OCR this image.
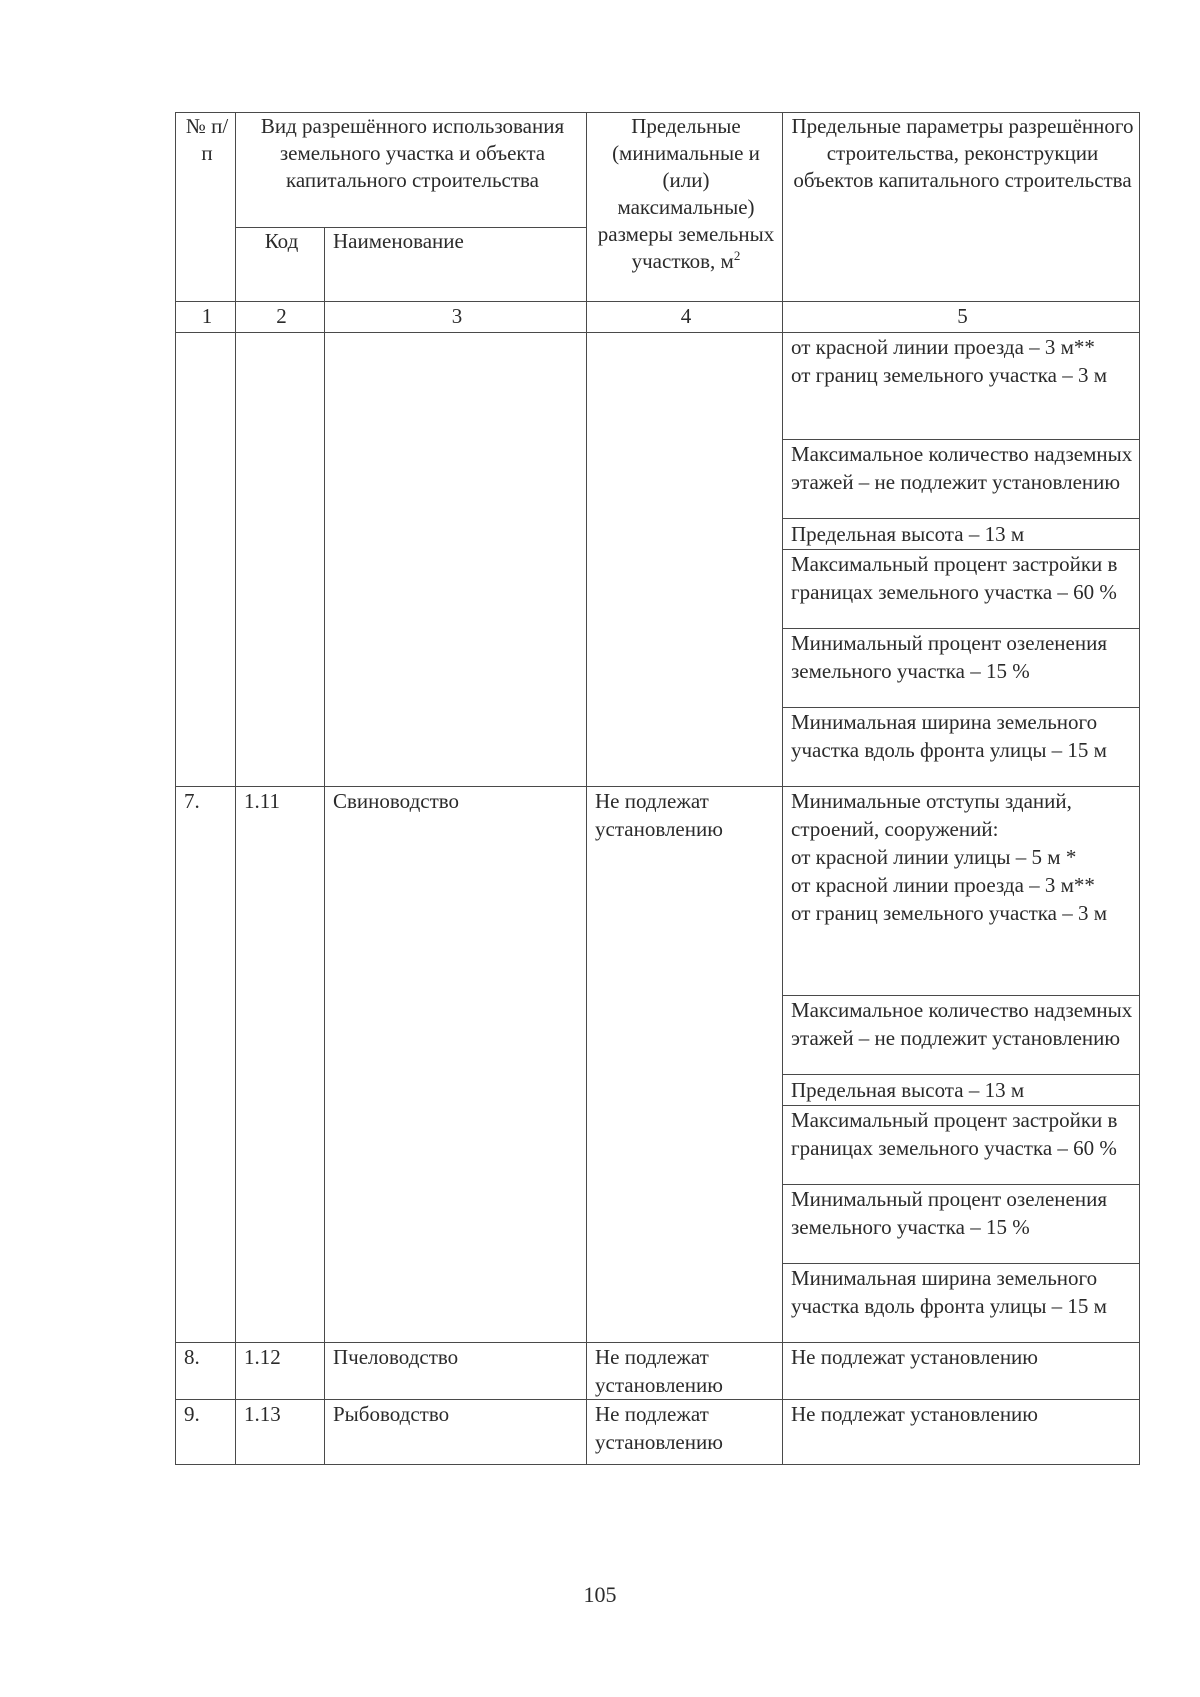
№ п/п	Вид разрешённого использования земельного участка и объекта капитального строительства		Предельные (минимальные и (или) максимальные) размеры земельных участков, $м^2$	Предельные параметры разрешённого строительства, реконструкции объектов капитального строительства
	Код	Наименование		
1	2	3	4	5
				от красной линии проезда – 3 м**
от границ земельного участка – 3 м
				Максимальное количество надземных этажей – не подлежит установлению
				Предельная высота – 13 м
				Максимальный процент застройки в границах земельного участка – 60 %
				Минимальный процент озеленения земельного участка – 15 %
				Минимальная ширина земельного участка вдоль фронта улицы – 15 м
7.	1.11	Свиноводство	Не подлежат установлению	Минимальные отступы зданий, строений, сооружений:
от красной линии улицы – 5 м *
от красной линии проезда – 3 м**
от границ земельного участка – 3 м
				Максимальное количество надземных этажей – не подлежит установлению
				Предельная высота – 13 м
				Максимальный процент застройки в границах земельного участка – 60 %
				Минимальный процент озеленения земельного участка – 15 %
				Минимальная ширина земельного участка вдоль фронта улицы – 15 м
8.	1.12	Пчеловодство	Не подлежат установлению	Не подлежат установлению
9.	1.13	Рыбоводство	Не подлежат установлению	Не подлежат установлению
105
